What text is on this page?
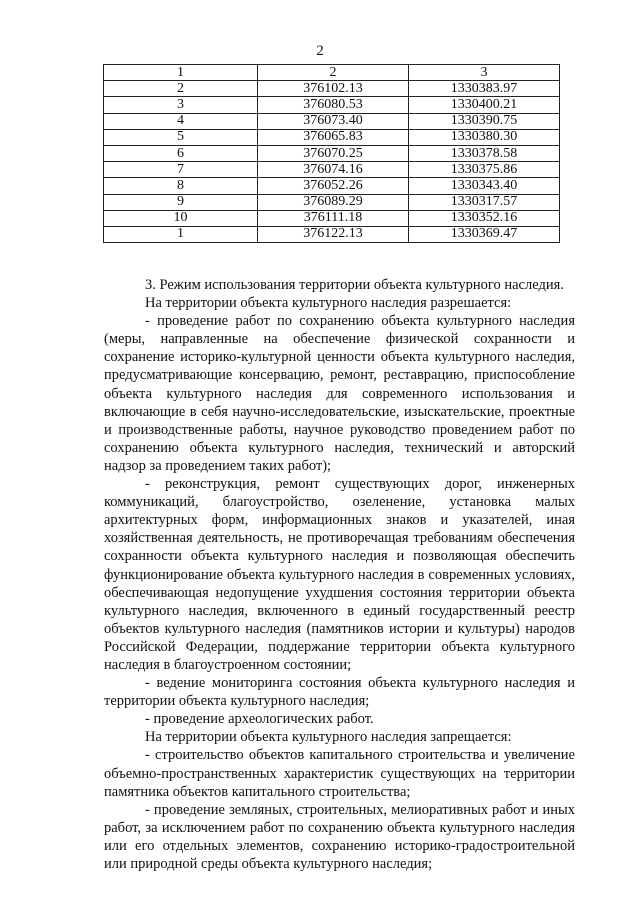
2
1	2	3
2	376102.13	1330383.97
3	376080.53	1330400.21
4	376073.40	1330390.75
5	376065.83	1330380.30
6	376070.25	1330378.58
7	376074.16	1330375.86
8	376052.26	1330343.40
9	376089.29	1330317.57
10	376111.18	1330352.16
1	376122.13	1330369.47

3. Режим использования территории объекта культурного наследия.

На территории объекта культурного наследия разрешается:

- проведение работ по сохранению объекта культурного наследия (меры, направленные на обеспечение физической сохранности и сохранение историко-культурной ценности объекта культурного наследия, предусматривающие консервацию, ремонт, реставрацию, приспособление объекта культурного наследия для современного использования и включающие в себя научно-исследовательские, изыскательские, проектные и производственные работы, научное руководство проведением работ по сохранению объекта культурного наследия, технический и авторский надзор за проведением таких работ);

- реконструкция, ремонт существующих дорог, инженерных коммуникаций, благоустройство, озеленение, установка малых архитектурных форм, информационных знаков и указателей, иная хозяйственная деятельность, не противоречащая требованиям обеспечения сохранности объекта культурного наследия и позволяющая обеспечить функционирование объекта культурного наследия в современных условиях, обеспечивающая недопущение ухудшения состояния территории объекта культурного наследия, включенного в единый государственный реестр объектов культурного наследия (памятников истории и культуры) народов Российской Федерации, поддержание территории объекта культурного наследия в благоустроенном состоянии;

- ведение мониторинга состояния объекта культурного наследия и территории объекта культурного наследия;

- проведение археологических работ.

На территории объекта культурного наследия запрещается:

- строительство объектов капитального строительства и увеличение объемно-пространственных характеристик существующих на территории памятника объектов капитального строительства;

- проведение земляных, строительных, мелиоративных работ и иных работ, за исключением работ по сохранению объекта культурного наследия или его отдельных элементов, сохранению историко-градостроительной или природной среды объекта культурного наследия;
